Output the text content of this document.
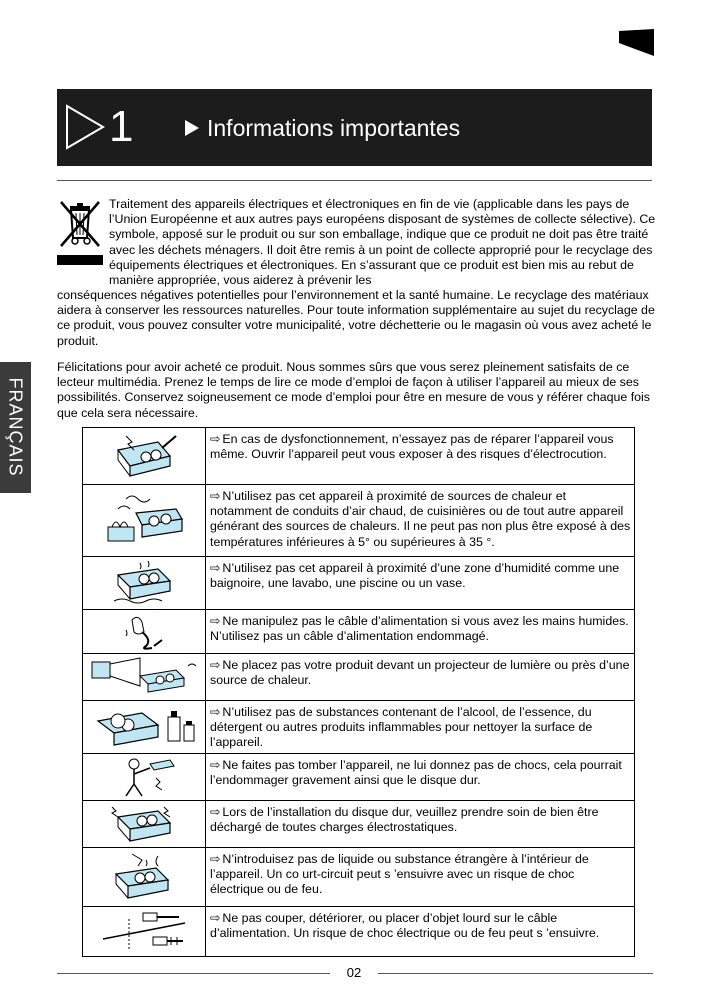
1	Informations importantes
Traitement des appareils électriques et électroniques en fin de vie (applicable dans les pays de l’Union Européenne et aux autres pays européens disposant de systèmes de collecte sélective). Ce symbole, apposé sur le produit ou sur son emballage, indique que ce produit ne doit pas être traité avec les déchets ménagers. Il doit être remis à un point de collecte approprié pour le recyclage des équipements électriques et électroniques. En s’assurant que ce produit est bien mis au rebut de manière appropriée, vous aiderez à prévenir les
conséquences négatives potentielles pour l’environnement et la santé humaine. Le recyclage des matériaux aidera à conserver les ressources naturelles. Pour toute information supplémentaire au sujet du recyclage de ce produit, vous pouvez consulter votre municipalité, votre déchetterie ou le magasin où vous avez acheté le produit.
Félicitations pour avoir acheté ce produit. Nous sommes sûrs que vous serez pleinement satisfaits de ce lecteur multimédia. Prenez le temps de lire ce mode d’emploi de façon à utiliser l’appareil au mieux de ses possibilités. Conservez soigneusement ce mode d’emploi pour être en mesure de vous y référer chaque fois que cela sera nécessaire.
FRANÇAIS
		⇨ En cas de dysfonctionnement, n’essayez pas de réparer l’appareil vous même. Ouvrir l’appareil peut vous exposer à des risques d’électrocution.

	⇨ N’utilisez pas cet appareil à proximité de sources de chaleur et notamment de conduits d’air chaud, de cuisinières ou de tout autre appareil générant des sources de chaleurs. Il ne peut pas non plus être exposé à des températures inférieures à 5° ou supérieures à 35 °.

	⇨ N’utilisez pas cet appareil à proximité d’une zone d’humidité comme une baignoire, une lavabo, une piscine ou un vase.

	⇨ Ne manipulez pas le câble d’alimentation si vous avez les mains humides. N’utilisez pas un câble d’alimentation endommagé.

	⇨ Ne placez pas votre produit devant un projecteur de lumière ou près d’une source de chaleur.

	⇨ N’utilisez pas de substances contenant de l’alcool, de l’essence, du détergent ou autres produits inflammables pour nettoyer la surface de l’appareil.

	⇨ Ne faites pas tomber l’appareil, ne lui donnez pas de chocs, cela pourrait l’endommager gravement ainsi que le disque dur.

	⇨ Lors de l’installation du disque dur, veuillez prendre soin de bien être déchargé de toutes charges électrostatiques.

	⇨ N’introduisez pas de liquide ou substance étrangère à l’intérieur de l’appareil. Un co urt-circuit peut s ’ensuivre avec un risque de choc électrique ou de feu.

	⇨ Ne pas couper, détériorer, ou placer d’objet lourd sur le câble d’alimentation. Un risque de choc électrique ou de feu peut s ’ensuivre.
02
